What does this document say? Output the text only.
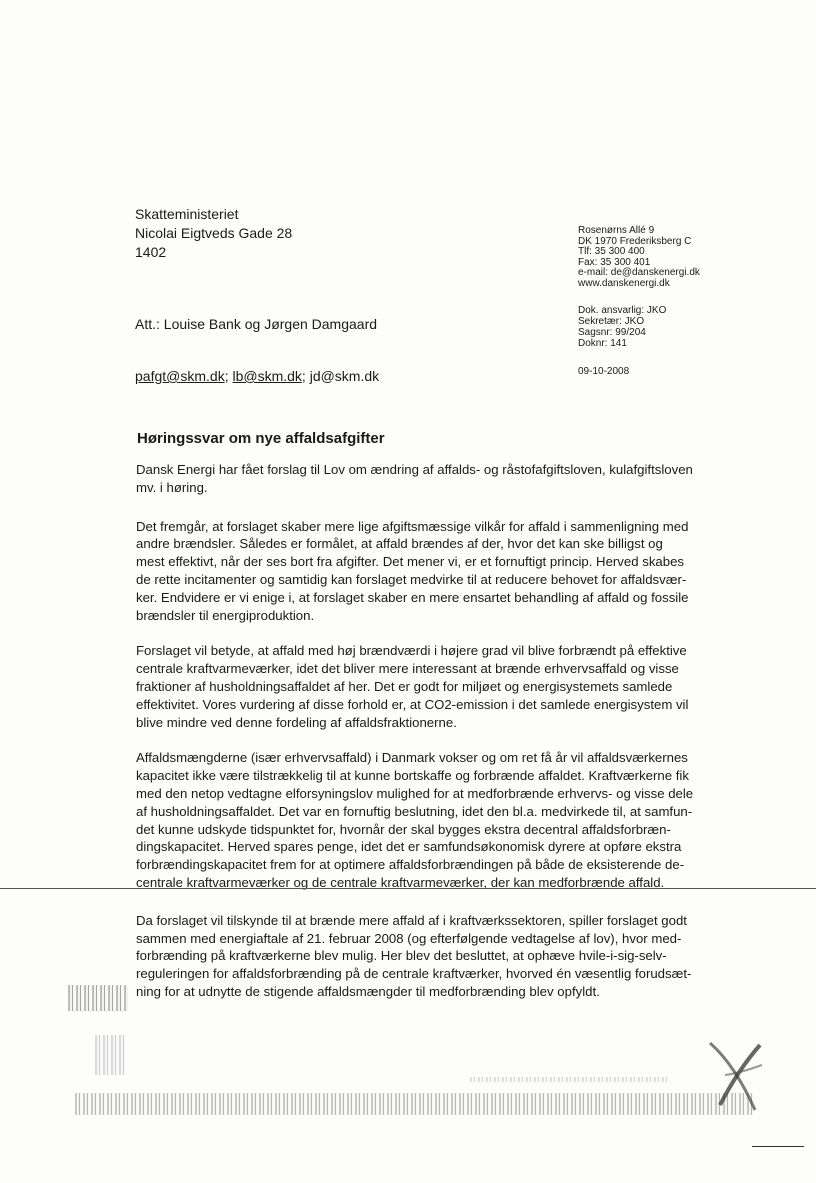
Skatteministeriet
Nicolai Eigtveds Gade 28
1402
Att.: Louise Bank og Jørgen Damgaard
pafgt@skm.dk; lb@skm.dk; jd@skm.dk
Rosenørns Allé 9
DK 1970 Frederiksberg C
Tlf: 35 300 400
Fax: 35 300 401
e-mail: de@danskenergi.dk
www.danskenergi.dk
Dok. ansvarlig: JKO
Sekretær: JKO
Sagsnr: 99/204
Doknr: 141
09-10-2008
Høringssvar om nye affaldsafgifter
Dansk Energi har fået forslag til Lov om ændring af affalds- og råstofafgiftsloven, kulafgiftsloven
mv. i høring.
Det fremgår, at forslaget skaber mere lige afgiftsmæssige vilkår for affald i sammenligning med
andre brændsler. Således er formålet, at affald brændes af der, hvor det kan ske billigst og
mest effektivt, når der ses bort fra afgifter. Det mener vi, er et fornuftigt princip. Herved skabes
de rette incitamenter og samtidig kan forslaget medvirke til at reducere behovet for affaldsvær-
ker. Endvidere er vi enige i, at forslaget skaber en mere ensartet behandling af affald og fossile
brændsler til energiproduktion.
Forslaget vil betyde, at affald med høj brændværdi i højere grad vil blive forbrændt på effektive
centrale kraftvarmeværker, idet det bliver mere interessant at brænde erhvervsaffald og visse
fraktioner af husholdningsaffaldet af her. Det er godt for miljøet og energisystemets samlede
effektivitet. Vores vurdering af disse forhold er, at CO2-emission i det samlede energisystem vil
blive mindre ved denne fordeling af affaldsfraktionerne.
Affaldsmængderne (især erhvervsaffald) i Danmark vokser og om ret få år vil affaldsværkernes
kapacitet ikke være tilstrækkelig til at kunne bortskaffe og forbrænde affaldet. Kraftværkerne fik
med den netop vedtagne elforsyningslov mulighed for at medforbrænde erhvervs- og visse dele
af husholdningsaffaldet. Det var en fornuftig beslutning, idet den bl.a. medvirkede til, at samfun-
det kunne udskyde tidspunktet for, hvornår der skal bygges ekstra decentral affaldsforbræn-
dingskapacitet. Herved spares penge, idet det er samfundsøkonomisk dyrere at opføre ekstra
forbrændingskapacitet frem for at optimere affaldsforbrændingen på både de eksisterende de-
centrale kraftvarmeværker og de centrale kraftvarmeværker, der kan medforbrænde affald.
Da forslaget vil tilskynde til at brænde mere affald af i kraftværkssektoren, spiller forslaget godt
sammen med energiaftale af 21. februar 2008 (og efterfølgende vedtagelse af lov), hvor med-
forbrænding på kraftværkerne blev mulig. Her blev det besluttet, at ophæve hvile-i-sig-selv-
reguleringen for affaldsforbrænding på de centrale kraftværker, hvorved én væsentlig forudsæt-
ning for at udnytte de stigende affaldsmængder til medforbrænding blev opfyldt.
